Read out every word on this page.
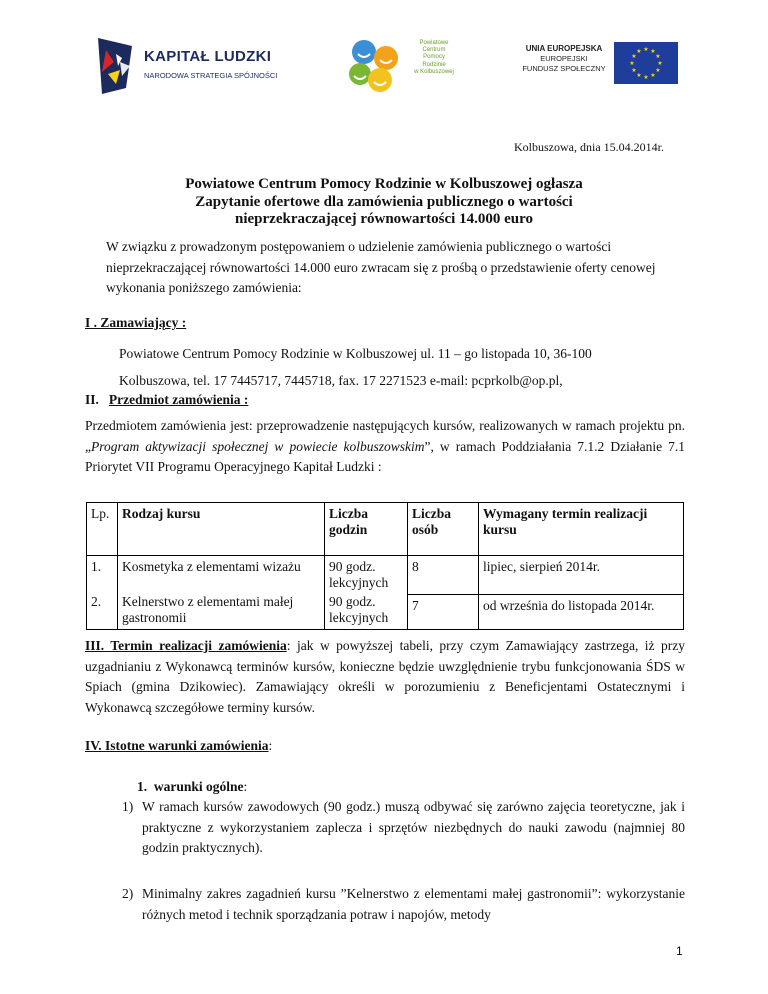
KAPITAŁ LUDZKI
NARODOWA STRATEGIA SPÓJNOŚCI
Powiatowe
Centrum
Pomocy
Rodzinie
w Kolbuszowej
UNIA EUROPEJSKA
EUROPEJSKI
FUNDUSZ SPOŁECZNY
★ ★
★
★
★
★
★
★
★
★
★
★
Kolbuszowa, dnia 15.04.2014r.
Powiatowe Centrum Pomocy Rodzinie w Kolbuszowej ogłasza
Zapytanie ofertowe dla zamówienia publicznego o wartości
nieprzekraczającej równowartości 14.000 euro
W związku z prowadzonym postępowaniem o udzielenie zamówienia publicznego o wartości nieprzekraczającej równowartości 14.000 euro zwracam się z prośbą o przedstawienie oferty cenowej wykonania poniższego zamówienia:
I . Zamawiający :
Powiatowe Centrum Pomocy Rodzinie w Kolbuszowej ul. 11 – go listopada 10, 36-100
Kolbuszowa, tel. 17 7445717, 7445718, fax. 17 2271523 e-mail: pcprkolb@op.pl,
II. Przedmiot zamówienia :
Przedmiotem zamówienia jest: przeprowadzenie następujących kursów, realizowanych w ramach projektu pn. „Program aktywizacji społecznej w powiecie kolbuszowskim”, w ramach Poddziałania 7.1.2 Działanie 7.1 Priorytet VII Programu Operacyjnego Kapitał Ludzki :
Lp.	Rodzaj kursu	Liczba godzin	Liczba osób	Wymagany termin realizacji kursu
1.	Kosmetyka z elementami wizażu	90 godz. lekcyjnych	8	lipiec, sierpień 2014r.
2.	Kelnerstwo z elementami małej gastronomii	90 godz. lekcyjnych	7	od września do listopada 2014r.
III. Termin realizacji zamówienia: jak w powyższej tabeli, przy czym Zamawiający zastrzega, iż przy uzgadnianiu z Wykonawcą terminów kursów, konieczne będzie uwzględnienie trybu funkcjonowania ŚDS w Spiach (gmina Dzikowiec). Zamawiający określi w porozumieniu z Beneficjentami Ostatecznymi i Wykonawcą szczegółowe terminy kursów.
IV. Istotne warunki zamówienia:
1. warunki ogólne:
1) W ramach kursów zawodowych (90 godz.) muszą odbywać się zarówno zajęcia teoretyczne, jak i praktyczne z wykorzystaniem zaplecza i sprzętów niezbędnych do nauki zawodu (najmniej 80 godzin praktycznych).
2) Minimalny zakres zagadnień kursu ”Kelnerstwo z elementami małej gastronomii”: wykorzystanie różnych metod i technik sporządzania potraw i napojów, metody
1
